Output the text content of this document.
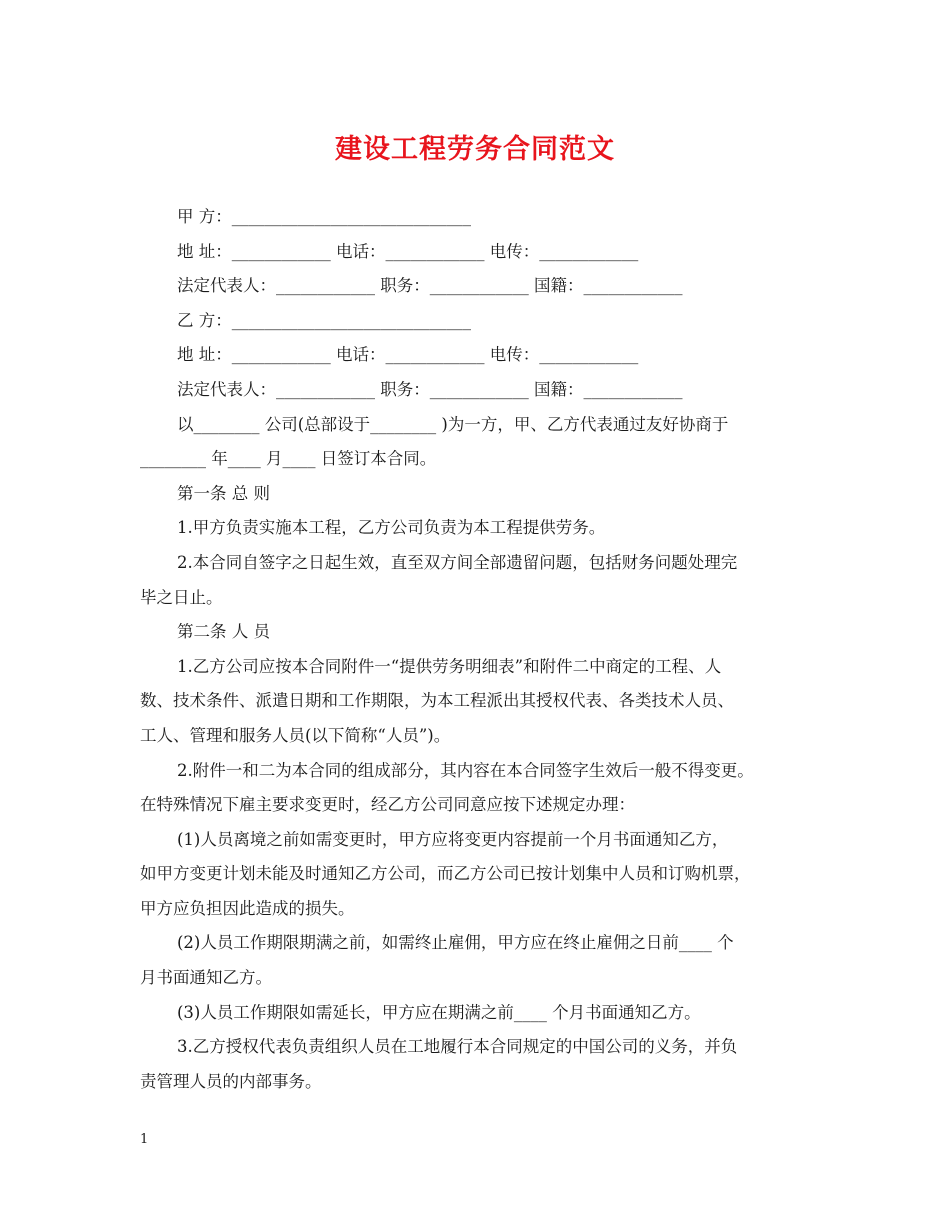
建设工程劳务合同范文
甲 方：_____________________________
地 址：____________ 电话：____________ 电传：____________
法定代表人：____________ 职务：____________ 国籍：____________
乙 方：_____________________________
地 址：____________ 电话：____________ 电传：____________
法定代表人：____________ 职务：____________ 国籍：____________
以________ 公司(总部设于________ )为一方，甲、乙方代表通过友好协商于
________ 年____ 月____ 日签订本合同。
第一条 总 则
1.甲方负责实施本工程，乙方公司负责为本工程提供劳务。
2.本合同自签字之日起生效，直至双方间全部遗留问题，包括财务问题处理完
毕之日止。
第二条 人 员
1.乙方公司应按本合同附件一“提供劳务明细表”和附件二中商定的工程、人
数、技术条件、派遣日期和工作期限，为本工程派出其授权代表、各类技术人员、
工人、管理和服务人员(以下简称“人员”)。
2.附件一和二为本合同的组成部分，其内容在本合同签字生效后一般不得变更。
在特殊情况下雇主要求变更时，经乙方公司同意应按下述规定办理：
(1)人员离境之前如需变更时，甲方应将变更内容提前一个月书面通知乙方，
如甲方变更计划未能及时通知乙方公司，而乙方公司已按计划集中人员和订购机票，
甲方应负担因此造成的损失。
(2)人员工作期限期满之前，如需终止雇佣，甲方应在终止雇佣之日前____ 个
月书面通知乙方。
(3)人员工作期限如需延长，甲方应在期满之前____ 个月书面通知乙方。
3.乙方授权代表负责组织人员在工地履行本合同规定的中国公司的义务，并负
责管理人员的内部事务。
1
